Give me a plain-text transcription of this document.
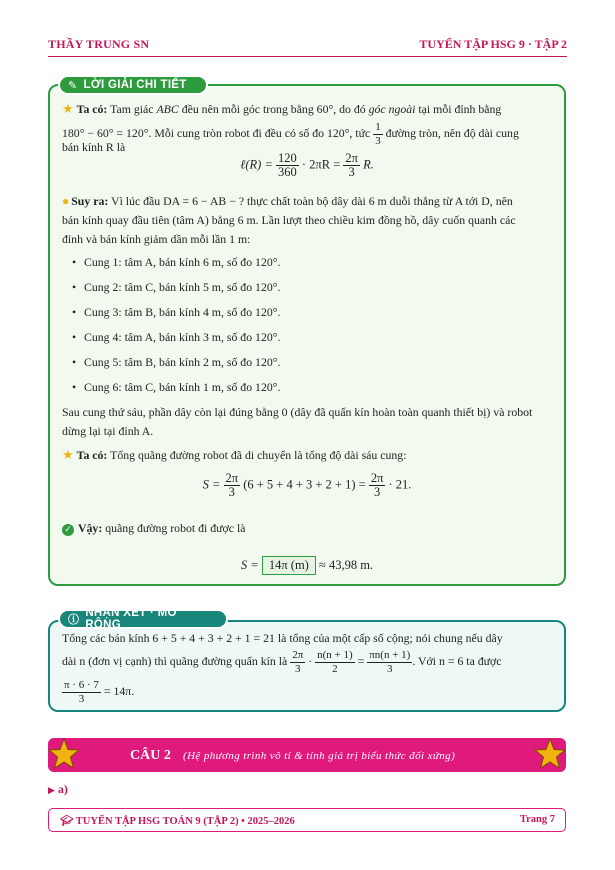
THẦY TRUNG SN	TUYỂN TẬP HSG 9 · TẬP 2
✎ LỜI GIẢI CHI TIẾT
★ Ta có: Tam giác ABC đều nên mỗi góc trong bằng 60°, do đó góc ngoài tại mỗi đỉnh bằng
180° − 60° = 120°. Mỗi cung tròn robot đi đều có số đo 120°, tức $\frac{1}{3}$ đường tròn, nên độ dài cung
bán kính R là
ℓ(R) = $\frac{120}{360} \cdot 2\pi R = \frac{2\pi}{3} R$.
● Suy ra: Vì lúc đầu DA = 6 − AB − ? thực chất toàn bộ dây dài 6 m duỗi thẳng từ A tới D, nên
bán kính quay đầu tiên (tâm A) bằng 6 m. Lần lượt theo chiều kim đồng hồ, dây cuốn quanh các
đỉnh và bán kính giảm dần mỗi lần 1 m:
• Cung 1: tâm A, bán kính 6 m, số đo 120°.
• Cung 2: tâm C, bán kính 5 m, số đo 120°.
• Cung 3: tâm B, bán kính 4 m, số đo 120°.
• Cung 4: tâm A, bán kính 3 m, số đo 120°.
• Cung 5: tâm B, bán kính 2 m, số đo 120°.
• Cung 6: tâm C, bán kính 1 m, số đo 120°.
Sau cung thứ sáu, phần dây còn lại đúng bằng 0 (dây đã quấn kín hoàn toàn quanh thiết bị) và robot
dừng lại tại đỉnh A.
★ Ta có: Tổng quãng đường robot đã di chuyển là tổng độ dài sáu cung:
$S = \frac{2\pi}{3} (6 + 5 + 4 + 3 + 2 + 1) = \frac{2\pi}{3} \cdot 21$.
✓ Vậy: quãng đường robot đi được là
S = 14π (m) ≈ 43,98 m.
ⓘ
NHẬN XÉT · MỞ RỘNG
Tổng các bán kính 6 + 5 + 4 + 3 + 2 + 1 = 21 là tổng của một cấp số cộng; nói chung nếu dây
dài n (đơn vị cạnh) thì quãng đường quấn kín là $\frac{2\pi}{3} \cdot \frac{n(n + 1)}{2} = \frac{\pi n(n + 1)}{3}$ . Với n = 6 ta được
$\frac{\pi \cdot 6 \cdot 7}{3} = 14\pi$.
CÂU 2 (Hệ phương trình vô tỉ & tính giá trị biểu thức đối xứng)
▶ a)
🎓︎ TUYỂN TẬP HSG TOÁN 9 (TẬP 2) • 2025–2026	Trang 7
